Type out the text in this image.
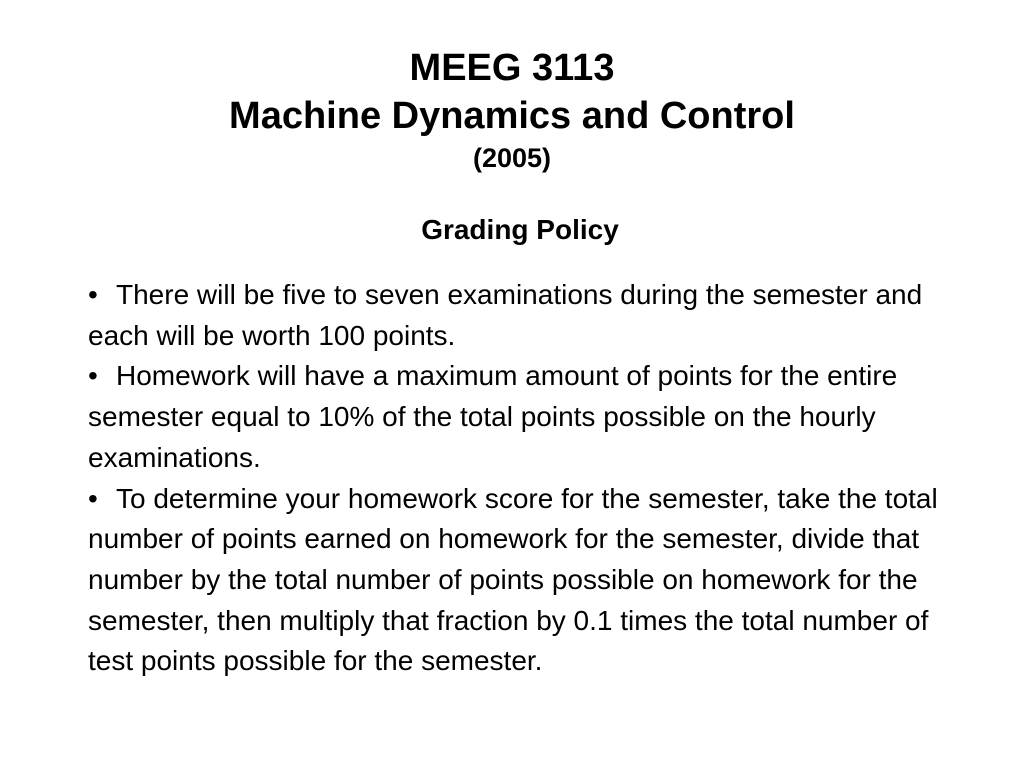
MEEG 3113
Machine Dynamics and Control
(2005)
Grading Policy

• There will be five to seven examinations during the semester and each will be worth 100 points.

• Homework will have a maximum amount of points for the entire semester equal to 10% of the total points possible on the hourly examinations.

• To determine your homework score for the semester, take the total number of points earned on homework for the semester, divide that number by the total number of points possible on homework for the semester, then multiply that fraction by 0.1 times the total number of test points possible for the semester.
